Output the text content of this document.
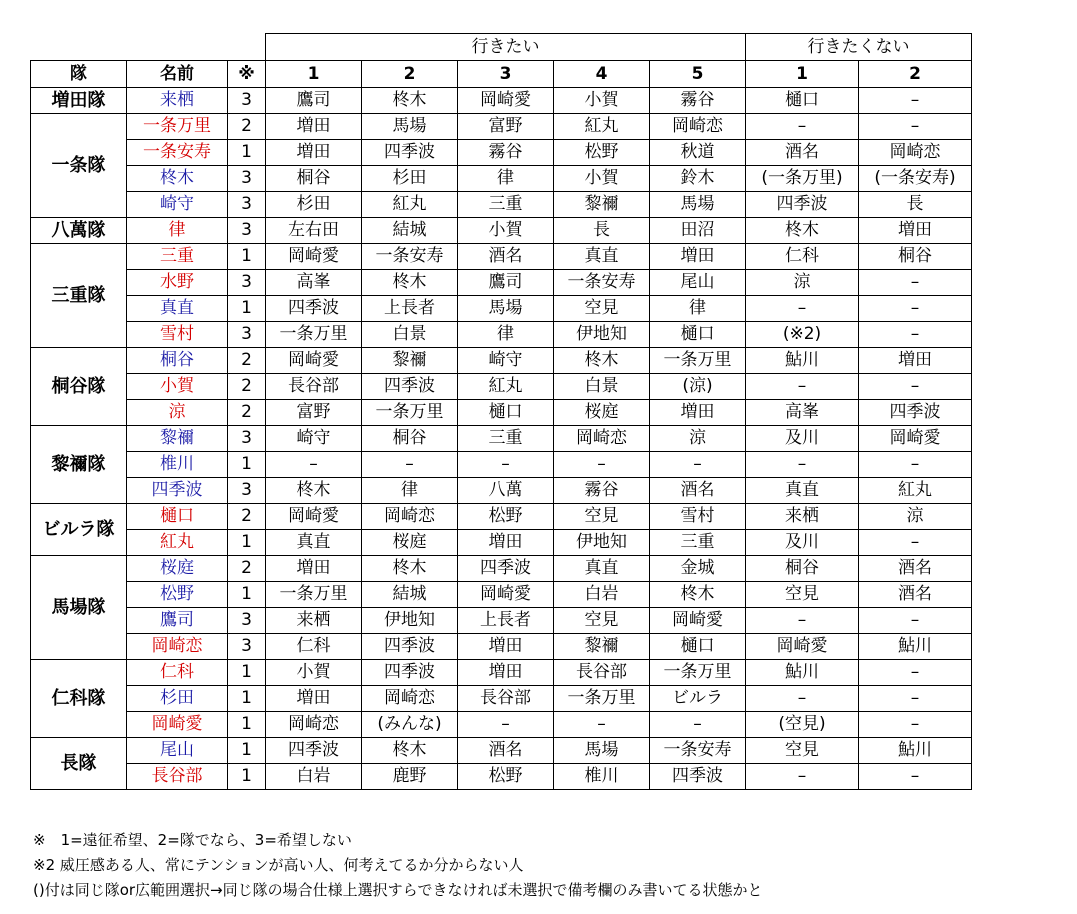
			行きたい					行きたくない	
隊	名前	※	1	2	3	4	5	1	2
増田隊	来栖	3	鷹司	柊木	岡崎愛	小賀	霧谷	樋口	–
一条隊	一条万里	2	増田	馬場	富野	紅丸	岡崎恋	–	–
	一条安寿	1	増田	四季波	霧谷	松野	秋道	酒名	岡崎恋
	柊木	3	桐谷	杉田	律	小賀	鈴木	(一条万里)	(一条安寿)
	崎守	3	杉田	紅丸	三重	黎禰	馬場	四季波	長
八萬隊	律	3	左右田	結城	小賀	長	田沼	柊木	増田
三重隊	三重	1	岡崎愛	一条安寿	酒名	真直	増田	仁科	桐谷
	水野	3	高峯	柊木	鷹司	一条安寿	尾山	涼	–
	真直	1	四季波	上長者	馬場	空見	律	–	–
	雪村	3	一条万里	白景	律	伊地知	樋口	(※2)	–
桐谷隊	桐谷	2	岡崎愛	黎禰	崎守	柊木	一条万里	鮎川	増田
	小賀	2	長谷部	四季波	紅丸	白景	(涼)	–	–
	涼	2	富野	一条万里	樋口	桜庭	増田	高峯	四季波
黎禰隊	黎禰	3	崎守	桐谷	三重	岡崎恋	涼	及川	岡崎愛
	椎川	1	–	–	–	–	–	–	–
	四季波	3	柊木	律	八萬	霧谷	酒名	真直	紅丸
ビルラ隊	樋口	2	岡崎愛	岡崎恋	松野	空見	雪村	来栖	涼
	紅丸	1	真直	桜庭	増田	伊地知	三重	及川	–
馬場隊	桜庭	2	増田	柊木	四季波	真直	金城	桐谷	酒名
	松野	1	一条万里	結城	岡崎愛	白岩	柊木	空見	酒名
	鷹司	3	来栖	伊地知	上長者	空見	岡崎愛	–	–
	岡崎恋	3	仁科	四季波	増田	黎禰	樋口	岡崎愛	鮎川
仁科隊	仁科	1	小賀	四季波	増田	長谷部	一条万里	鮎川	–
	杉田	1	増田	岡崎恋	長谷部	一条万里	ビルラ	–	–
	岡崎愛	1	岡崎恋	(みんな)	–	–	–	(空見)	–
長隊	尾山	1	四季波	柊木	酒名	馬場	一条安寿	空見	鮎川
	長谷部	1	白岩	鹿野	松野	椎川	四季波	–	–
※　1=遠征希望、2=隊でなら、3=希望しない
※2 威圧感ある人、常にテンションが高い人、何考えてるか分からない人
()付は同じ隊or広範囲選択→同じ隊の場合仕様上選択すらできなければ未選択で備考欄のみ書いてる状態かと
